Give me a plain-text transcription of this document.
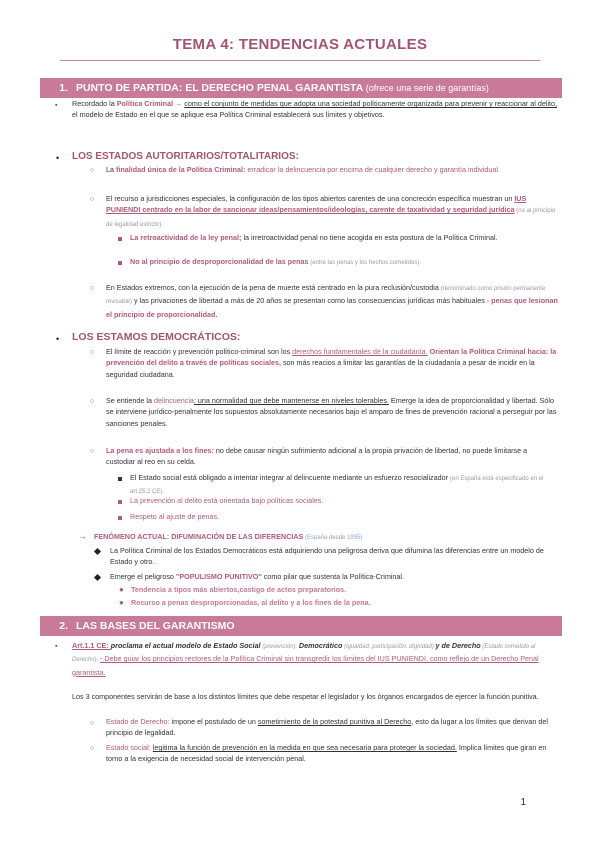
TEMA 4: TENDENCIAS ACTUALES
1. PUNTO DE PARTIDA: EL DERECHO PENAL GARANTISTA (ofrece una serie de garantías)
▪ Recordado la Política Criminal → como el conjunto de medidas que adopta una sociedad políticamente organizada para prevenir y reaccionar al delito, el modelo de Estado en el que se aplique esa Política Criminal establecerá sus límites y objetivos.
• LOS ESTADOS AUTORITARIOS/TOTALITARIOS:
○ La finalidad única de la Política Criminal: erradicar la delincuencia por encima de cualquier derecho y garantía individual.
○ El recurso a jurisdicciones especiales, la configuración de los tipos abiertos carentes de una concreción específica muestran un IUS PUNIENDI centrado en la labor de sancionar ideas/pensamientos/ideologías, carente de taxatividad y seguridad jurídica (no al principio de legalidad estricto).
La retroactividad de la ley penal; la irretroactividad penal no tiene acogida en esta postura de la Política Criminal.
No al principio de desproporcionalidad de las penas (entre las penas y los hechos cometidos).
○ En Estados extremos, con la ejecución de la pena de muerte está centrado en la pura reclusión/custodia (denominado como prisión permanente revisable) y las privaciones de libertad a más de 20 años se presentan como las consecuencias jurídicas más habituales - penas que lesionan el principio de proporcionalidad.
• LOS ESTAMOS DEMOCRÁTICOS:
○ El límite de reacción y prevención político-criminal son los derechos fundamentales de la ciudadanía. Orientan la Política Criminal hacia: la prevención del delito a través de políticas sociales, son más reacios a limitar las garantías de la ciudadanía a pesar de incidir en la seguridad ciudadana.
○ Se entiende la delincuencia: una normalidad que debe mantenerse en niveles tolerables. Emerge la idea de proporcionalidad y libertad. Sólo se interviene jurídico-penalmente los supuestos absolutamente necesarios bajo el amparo de fines de prevención racional a perseguir por las sanciones penales.
○ La pena es ajustada a los fines: no debe causar ningún sufrimiento adicional a la propia privación de libertad, no puede limitarse a custodiar al reo en su celda.
El Estado social está obligado a intentar integrar al delincuente mediante un esfuerzo resocializador (en España está especificado en el art.25.2 CE).
La prevención al delito está orientada bajo políticas sociales.
Respeto al ajuste de penas.
→ FENÓMENO ACTUAL: DIFUMINACIÓN DE LAS DIFERENCIAS (España desde 1995)
La Política Criminal de los Estados Democráticos está adquiriendo una peligrosa deriva que difumina las diferencias entre un modelo de Estado y otro.
Emerge el peligroso "POPULISMO PUNITIVO" como pilar que sustenta la Política-Criminal.
● Tendencia a tipos más abiertos,castigo de actos preparatorios.
● Recurso a penas desproporcionadas, al delito y a los fines de la pena.
2. LAS BASES DEL GARANTISMO
▪ Art.1.1 CE: proclama el actual modelo de Estado Social (prevención), Democrático (igualdad, participación, dignidad) y de Derecho (Estado sometido al Derecho). - Debe guiar los principios rectores de la Política Criminal sin transgredir los límites del IUS PUNIENDI, como reflejo de un Derecho Penal garantista.
Los 3 componentes servirán de base a los distintos límites que debe respetar el legislador y los órganos encargados de ejercer la función punitiva.
○ Estado de Derecho: impone el postulado de un sometimiento de la potestad punitiva al Derecho, esto da lugar a los límites que derivan del principio de legalidad.
○ Estado social: legitima la función de prevención en la medida en que sea necesaria para proteger la sociedad. Implica límites que giran en torno a la exigencia de necesidad social de intervención penal.
1
